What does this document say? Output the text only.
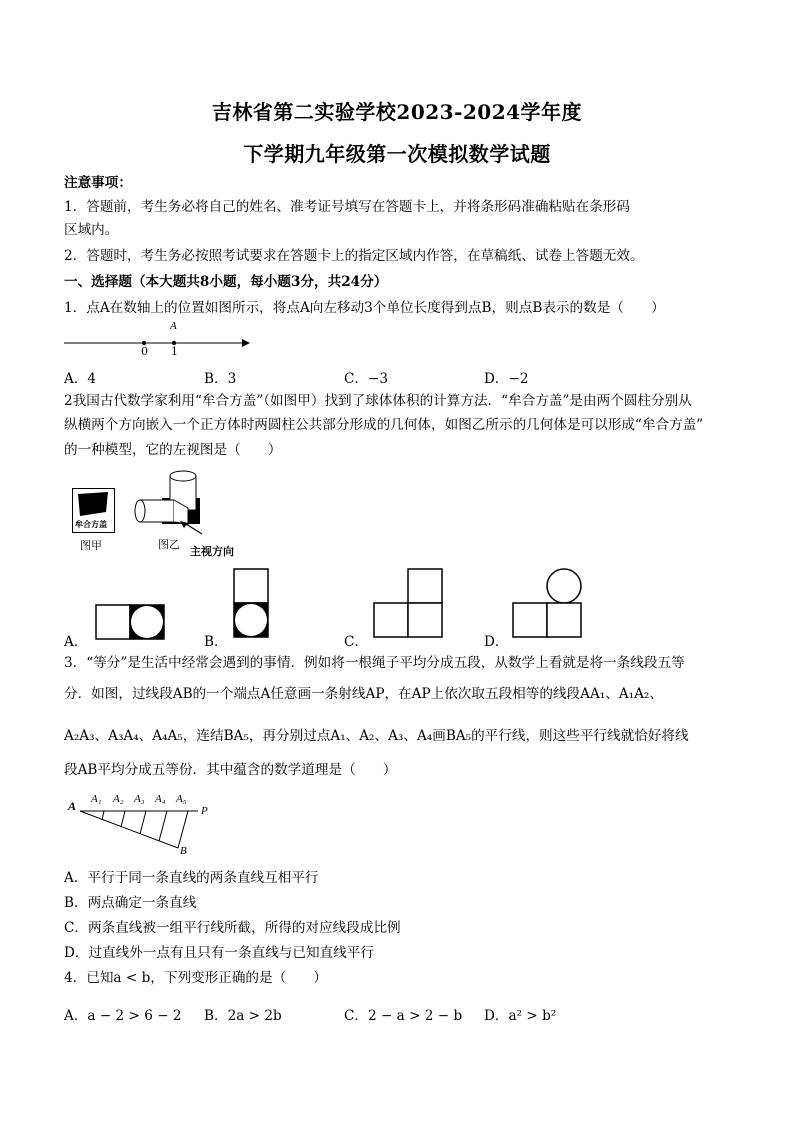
吉林省第二实验学校2023-2024学年度
下学期九年级第一次模拟数学试题
注意事项：
1．答题前，考生务必将自己的姓名、准考证号填写在答题卡上，并将条形码准确粘贴在条形码
区域内。
2．答题时，考生务必按照考试要求在答题卡上的指定区域内作答，在草稿纸、试卷上答题无效。
一、选择题（本大题共8小题，每小题3分，共24分）
1．点A在数轴上的位置如图所示，将点A向左移动3个单位长度得到点B，则点B表示的数是（　　）
A
0 1
A．4	B．3	C．−3	D．−2
2我国古代数学家利用“牟合方盖”（如图甲）找到了球体体积的计算方法．“牟合方盖”是由两个圆柱分别从
纵横两个方向嵌入一个正方体时两圆柱公共部分形成的几何体，如图乙所示的几何体是可以形成“牟合方盖”
的一种模型，它的左视图是（　　）
牟合方盖
图甲	图乙
主视方向
A．	B．	C．	D．
3．“等分”是生活中经常会遇到的事情．例如将一根绳子平均分成五段，从数学上看就是将一条线段五等
分．如图，过线段AB的一个端点A任意画一条射线AP，在AP上依次取五段相等的线段AA₁、A₁A₂、
A₂A₃、A₃A₄、A₄A₅，连结BA₅，再分别过点A₁、A₂、A₃、A₄画BA₅的平行线，则这些平行线就恰好将线
段AB平均分成五等份．其中蕴含的数学道理是（　　）
A A₁ A₂ A₃ A₄ A₅
P
B
A．平行于同一条直线的两条直线互相平行
B．两点确定一条直线
C．两条直线被一组平行线所截，所得的对应线段成比例
D．过直线外一点有且只有一条直线与已知直线平行
4．已知a < b，下列变形正确的是（　　）
A．a − 2 > 6 − 2 B．2a > 2b	C．2 − a > 2 − b D．a² > b²
